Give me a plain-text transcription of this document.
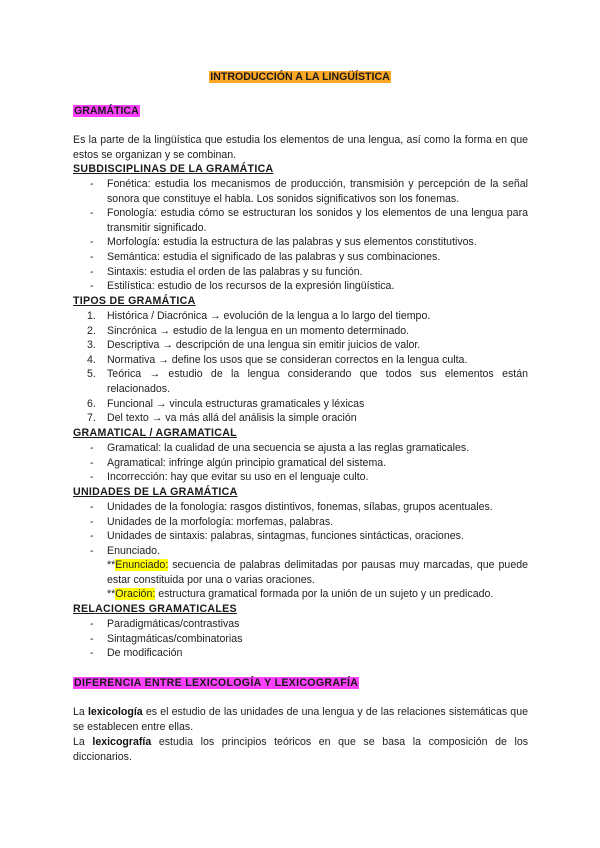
INTRODUCCIÓN A LA LINGÜÍSTICA
GRAMÁTICA
Es la parte de la lingüística que estudia los elementos de una lengua, así como la forma en que estos se organizan y se combinan.
SUBDISCIPLINAS DE LA GRAMÁTICA
- Fonética: estudia los mecanismos de producción, transmisión y percepción de la señal sonora que constituye el habla. Los sonidos significativos son los fonemas.
- Fonología: estudia cómo se estructuran los sonidos y los elementos de una lengua para transmitir significado.
- Morfología: estudia la estructura de las palabras y sus elementos constitutivos.
- Semántica: estudia el significado de las palabras y sus combinaciones.
- Sintaxis: estudia el orden de las palabras y su función.
- Estilística: estudio de los recursos de la expresión lingüística.
TIPOS DE GRAMÁTICA
1. Histórica / Diacrónica → evolución de la lengua a lo largo del tiempo.
2. Sincrónica → estudio de la lengua en un momento determinado.
3. Descriptiva → descripción de una lengua sin emitir juicios de valor.
4. Normativa → define los usos que se consideran correctos en la lengua culta.
5. Teórica → estudio de la lengua considerando que todos sus elementos están relacionados.
6. Funcional → vincula estructuras gramaticales y léxicas
7. Del texto → va más allá del análisis la simple oración
GRAMATICAL / AGRAMATICAL
- Gramatical: la cualidad de una secuencia se ajusta a las reglas gramaticales.
- Agramatical: infringe algún principio gramatical del sistema.
- Incorrección: hay que evitar su uso en el lenguaje culto.
UNIDADES DE LA GRAMÁTICA
- Unidades de la fonología: rasgos distintivos, fonemas, sílabas, grupos acentuales.
- Unidades de la morfología: morfemas, palabras.
- Unidades de sintaxis: palabras, sintagmas, funciones sintácticas, oraciones.
- Enunciado.
**Enunciado: secuencia de palabras delimitadas por pausas muy marcadas, que puede estar constituida por una o varias oraciones.
**Oración: estructura gramatical formada por la unión de un sujeto y un predicado.
RELACIONES GRAMATICALES
- Paradigmáticas/contrastivas
- Sintagmáticas/combinatorias
- De modificación
DIFERENCIA ENTRE LEXICOLOGÍA Y LEXICOGRAFÍA
La lexicología es el estudio de las unidades de una lengua y de las relaciones sistemáticas que se establecen entre ellas.
La lexicografía estudia los principios teóricos en que se basa la composición de los diccionarios.
